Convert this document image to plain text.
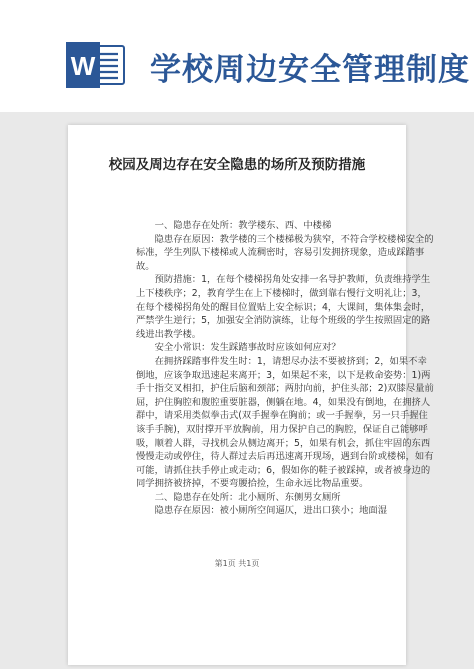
W 学校周边安全管理制度
校园及周边存在安全隐患的场所及预防措施

一、隐患存在处所：教学楼东、西、中楼梯

隐患存在原因：教学楼的三个楼梯极为狭窄，不符合学校楼梯安全的标准，学生列队下楼梯或人流稠密时，容易引发拥挤现象，造成踩踏事故。

预防措施：1，在每个楼梯拐角处安排一名导护教师，负责维持学生上下楼秩序；2，教育学生在上下楼梯时，做到靠右慢行文明礼让；3，在每个楼梯拐角处的醒目位置贴上安全标识；4，大课间，集体集会时，严禁学生逆行；5，加强安全消防演练，让每个班级的学生按照固定的路线进出教学楼。

安全小常识：发生踩踏事故时应该如何应对？

在拥挤踩踏事件发生时：1，请想尽办法不要被挤到；2，如果不幸倒地，应该争取迅速起来离开；3，如果起不来，以下是救命姿势：1)两手十指交叉相扣，护住后脑和颈部；两肘向前，护住头部；2)双膝尽量前屈，护住胸腔和腹腔重要脏器，侧躺在地。4，如果没有倒地，在拥挤人群中，请采用类似拳击式(双手握拳在胸前；或一手握拳，另一只手握住该手手腕)，双肘撑开平放胸前，用力保护自己的胸腔，保证自己能够呼吸，顺着人群，寻找机会从侧边离开；5，如果有机会，抓住牢固的东西慢慢走动或停住，待人群过去后再迅速离开现场，遇到台阶或楼梯，如有可能，请抓住扶手停止或走动；6，假如你的鞋子被踩掉，或者被身边的同学拥挤被挤掉，不要弯腰拾捡，生命永远比物品重要。

二、隐患存在处所：北小厕所、东侧男女厕所

隐患存在原因：被小厕所空间逼仄，进出口狭小；地面湿

第1页 共1页
